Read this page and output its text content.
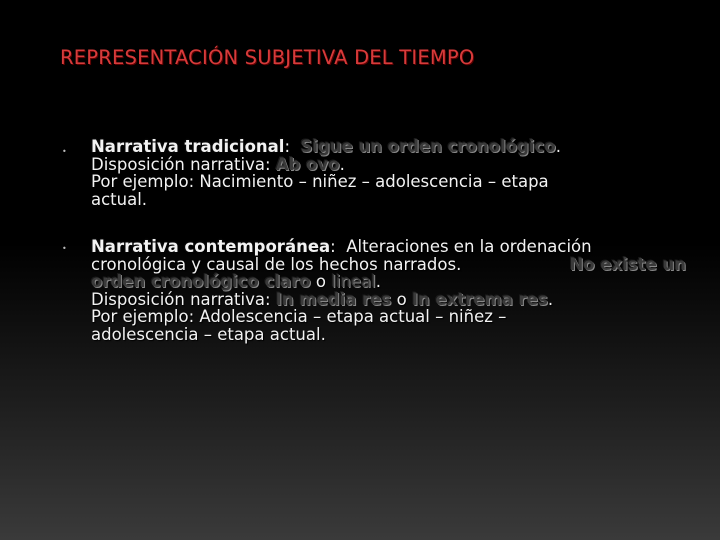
REPRESENTACIÓN SUBJETIVA DEL TIEMPO
• Narrativa tradicional: Sigue un orden cronológico.
Disposición narrativa: Ab ovo.
Por ejemplo: Nacimiento – niñez – adolescencia – etapa
actual.
• Narrativa contemporánea: Alteraciones en la ordenación
cronológica y causal de los hechos narrados.	No existe un
orden cronológico claro o lineal.
Disposición narrativa: In media res o In extrema res.
Por ejemplo: Adolescencia – etapa actual – niñez –
adolescencia – etapa actual.
